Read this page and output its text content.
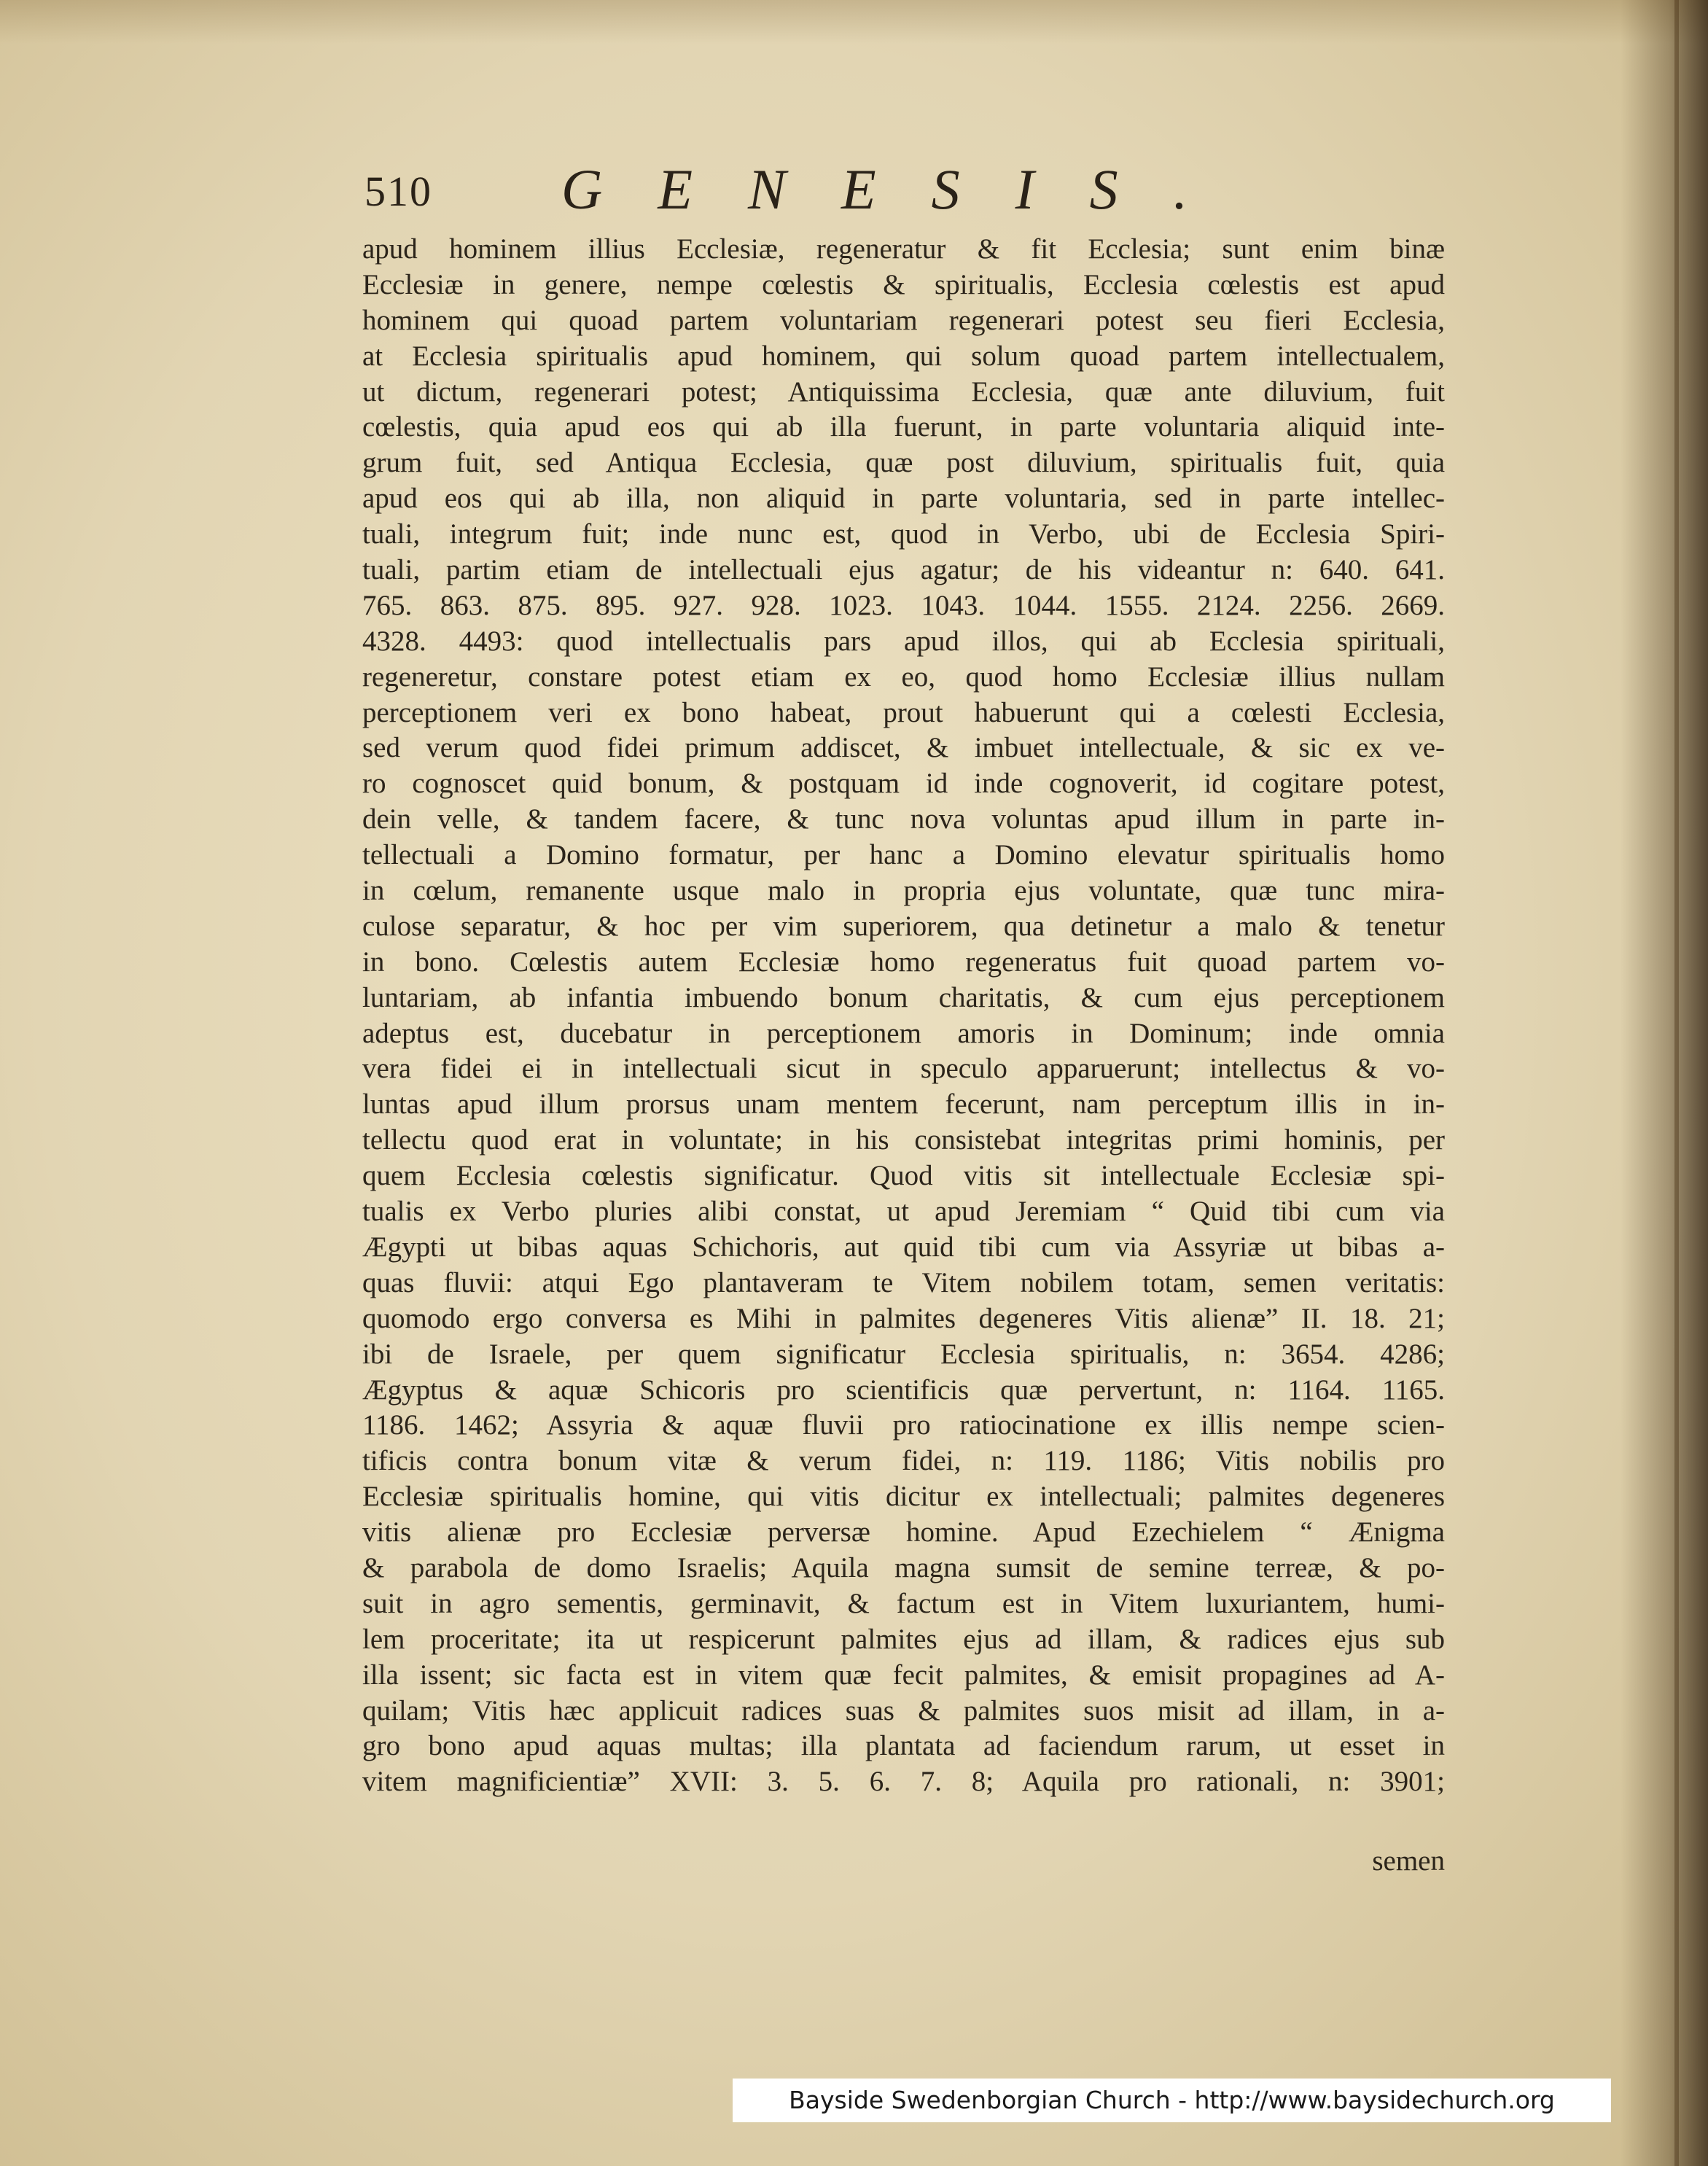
510 GENESIS.
apud hominem illius Ecclesiæ, regeneratur & fit Ecclesia; sunt enim binæ
Ecclesiæ in genere, nempe cœlestis & spiritualis, Ecclesia cœlestis est apud
hominem qui quoad partem voluntariam regenerari potest seu fieri Ecclesia,
at Ecclesia spiritualis apud hominem, qui solum quoad partem intellectualem,
ut dictum, regenerari potest; Antiquissima Ecclesia, quæ ante diluvium, fuit
cœlestis, quia apud eos qui ab illa fuerunt, in parte voluntaria aliquid inte-
grum fuit, sed Antiqua Ecclesia, quæ post diluvium, spiritualis fuit, quia
apud eos qui ab illa, non aliquid in parte voluntaria, sed in parte intellec-
tuali, integrum fuit; inde nunc est, quod in Verbo, ubi de Ecclesia Spiri-
tuali, partim etiam de intellectuali ejus agatur; de his videantur n: 640. 641.
765. 863. 875. 895. 927. 928. 1023. 1043. 1044. 1555. 2124. 2256. 2669.
4328. 4493: quod intellectualis pars apud illos, qui ab Ecclesia spirituali,
regeneretur, constare potest etiam ex eo, quod homo Ecclesiæ illius nullam
perceptionem veri ex bono habeat, prout habuerunt qui a cœlesti Ecclesia,
sed verum quod fidei primum addiscet, & imbuet intellectuale, & sic ex ve-
ro cognoscet quid bonum, & postquam id inde cognoverit, id cogitare potest,
dein velle, & tandem facere, & tunc nova voluntas apud illum in parte in-
tellectuali a Domino formatur, per hanc a Domino elevatur spiritualis homo
in cœlum, remanente usque malo in propria ejus voluntate, quæ tunc mira-
culose separatur, & hoc per vim superiorem, qua detinetur a malo & tenetur
in bono. Cœlestis autem Ecclesiæ homo regeneratus fuit quoad partem vo-
luntariam, ab infantia imbuendo bonum charitatis, & cum ejus perceptionem
adeptus est, ducebatur in perceptionem amoris in Dominum; inde omnia
vera fidei ei in intellectuali sicut in speculo apparuerunt; intellectus & vo-
luntas apud illum prorsus unam mentem fecerunt, nam perceptum illis in in-
tellectu quod erat in voluntate; in his consistebat integritas primi hominis, per
quem Ecclesia cœlestis significatur. Quod vitis sit intellectuale Ecclesiæ spi-
tualis ex Verbo pluries alibi constat, ut apud Jeremiam “ Quid tibi cum via
Ægypti ut bibas aquas Schichoris, aut quid tibi cum via Assyriæ ut bibas a-
quas fluvii: atqui Ego plantaveram te Vitem nobilem totam, semen veritatis:
quomodo ergo conversa es Mihi in palmites degeneres Vitis alienæ” II. 18. 21;
ibi de Israele, per quem significatur Ecclesia spiritualis, n: 3654. 4286;
Ægyptus & aquæ Schicoris pro scientificis quæ pervertunt, n: 1164. 1165.
1186. 1462; Assyria & aquæ fluvii pro ratiocinatione ex illis nempe scien-
tificis contra bonum vitæ & verum fidei, n: 119. 1186; Vitis nobilis pro
Ecclesiæ spiritualis homine, qui vitis dicitur ex intellectuali; palmites degeneres
vitis alienæ pro Ecclesiæ perversæ homine. Apud Ezechielem “ Ænigma
& parabola de domo Israelis; Aquila magna sumsit de semine terreæ, & po-
suit in agro sementis, germinavit, & factum est in Vitem luxuriantem, humi-
lem proceritate; ita ut respicerunt palmites ejus ad illam, & radices ejus sub
illa issent; sic facta est in vitem quæ fecit palmites, & emisit propagines ad A-
quilam; Vitis hæc applicuit radices suas & palmites suos misit ad illam, in a-
gro bono apud aquas multas; illa plantata ad faciendum rarum, ut esset in
vitem magnificientiæ” XVII: 3. 5. 6. 7. 8; Aquila pro rationali, n: 3901;
semen
Bayside Swedenborgian Church - http://www.baysidechurch.org
